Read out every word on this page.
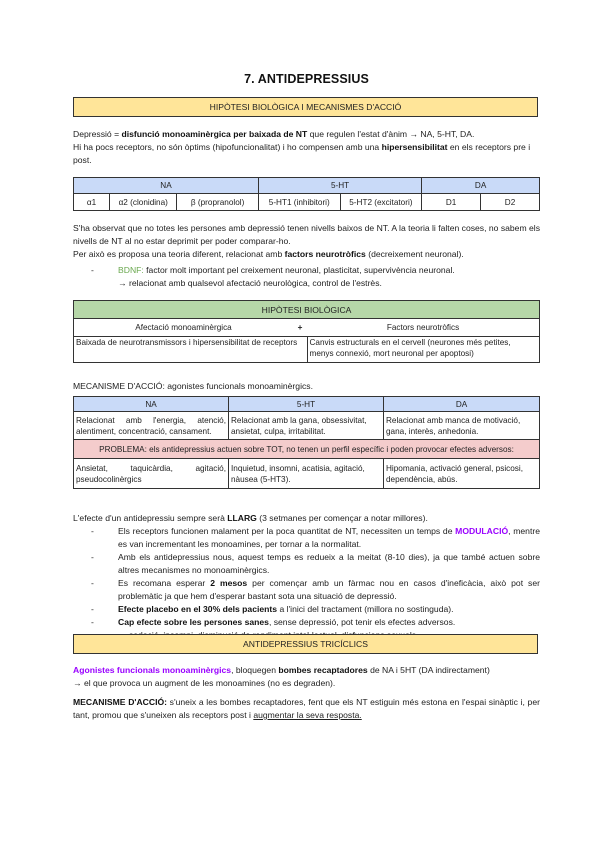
7. ANTIDEPRESSIUS
HIPÒTESI BIOLÒGICA I MECANISMES D'ACCIÓ

Depressió = disfunció monoaminèrgica per baixada de NT que regulen l'estat d'ànim → NA, 5-HT, DA.
Hi ha pocs receptors, no són òptims (hipofuncionalitat) i ho compensen amb una hipersensibilitat en els receptors pre i post.

NA			5-HT		DA	
α1	α2 (clonidina)	β (propranolol)	5-HT1 (inhibitori)	5-HT2 (excitatori)	D1	D2

S'ha observat que no totes les persones amb depressió tenen nivells baixos de NT. A la teoria li falten coses, no sabem els nivells de NT al no estar deprimit per poder comparar-ho.
Per això es proposa una teoria diferent, relacionat amb factors neurotròfics (decreixement neuronal).

-	BDNF: factor molt important pel creixement neuronal, plasticitat, supervivència neuronal.
→ relacionat amb qualsevol afectació neurològica, control de l'estrès.
HIPÒTESI BIOLÒGICA		
Afectació monoaminèrgica	+	Factors neurotròfics
Baixada de neurotransmissors i hipersensibilitat de receptors		Canvis estructurals en el cervell (neurones més petites, menys connexió, mort neuronal per apoptosi)

MECANISME D'ACCIÓ: agonistes funcionals monoaminèrgics.

NA	5-HT	DA
Relacionat amb l'energia, atenció, alentiment, concentració, cansament.	Relacionat amb la gana, obsessivitat, ansietat, culpa, irritabilitat.	Relacionat amb manca de motivació, gana, interès, anhedonia.
PROBLEMA: els antidepressius actuen sobre TOT, no tenen un perfil específic i poden provocar efectes adversos:		
Ansietat, taquicàrdia, agitació, pseudocolinèrgics	Inquietud, insomni, acatisia, agitació, nàusea (5-HT3).	Hipomania, activació general, psicosi, dependència, abús.

L'efecte d'un antidepressiu sempre serà LLARG (3 setmanes per començar a notar millores).

-	Els receptors funcionen malament per la poca quantitat de NT, necessiten un temps de MODULACIÓ, mentre es van incrementant les monoamines, per tornar a la normalitat.
-	Amb els antidepressius nous, aquest temps es redueix a la meitat (8-10 dies), ja que també actuen sobre altres mecanismes no monoaminèrgics.
-	Es recomana esperar 2 mesos per començar amb un fàrmac nou en casos d'ineficàcia, això pot ser problemàtic ja que hem d'esperar bastant sota una situació de depressió.
-	Efecte placebo en el 30% dels pacients a l'inici del tractament (millora no sostinguda).
-	Cap efecte sobre les persones sanes, sense depressió, pot tenir els efectes adversos.

ANTIDEPRESSIUS TRICÍCLICS

Agonistes funcionals monoaminèrgics, bloquegen bombes recaptadores de NA i 5HT (DA indirectament)
→ el que provoca un augment de les monoamines (no es degraden).

MECANISME D'ACCIÓ: s'uneix a les bombes recaptadores, fent que els NT estiguin més estona en l'espai sinàptic i, per tant, promou que s'uneixen als receptors post i augmentar la seva resposta.
